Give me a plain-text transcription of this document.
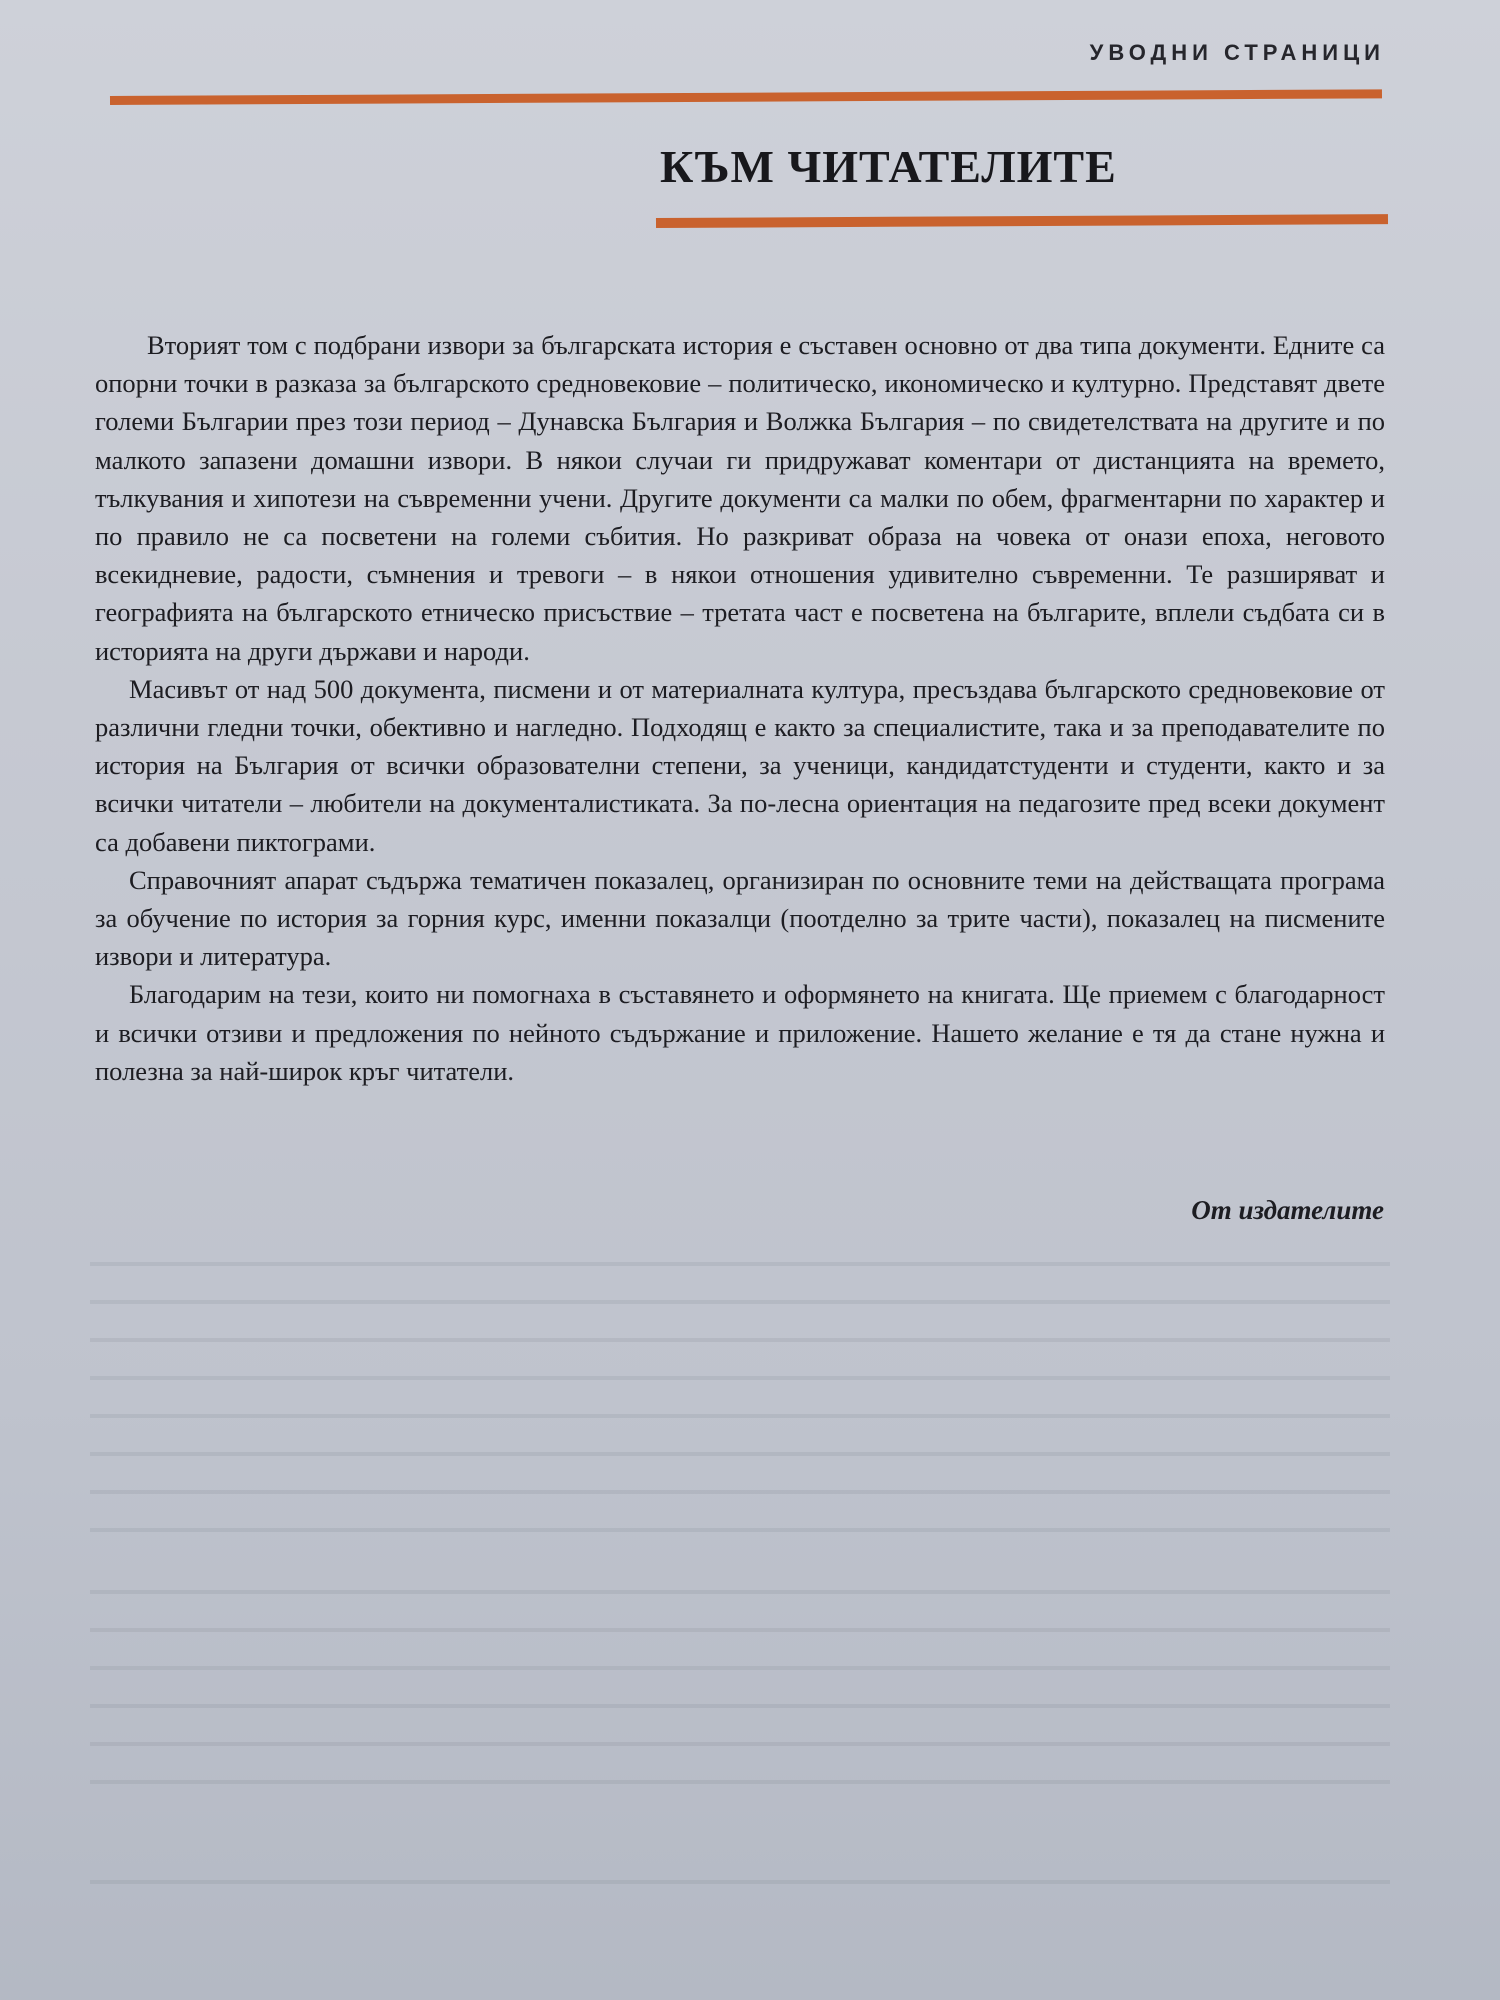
УВОДНИ СТРАНИЦИ
КЪМ ЧИТАТЕЛИТЕ

Вторият том с подбрани извори за българската история е съставен основно от два типа документи. Едните са опорни точки в разказа за българското средновековие – политическо, икономическо и културно. Представят двете големи Българии през този период – Дунавска България и Волжка България – по свидетелствата на другите и по малкото запазени домашни извори. В някои случаи ги придружават коментари от дистанцията на времето, тълкувания и хипотези на съвременни учени. Другите документи са малки по обем, фрагментарни по характер и по правило не са посветени на големи събития. Но разкриват образа на човека от онази епоха, неговото всекидневие, радости, съмнения и тревоги – в някои отношения удивително съвременни. Те разширяват и географията на българското етническо присъствие – третата част е посветена на българите, вплели съдбата си в историята на други държави и народи.

Масивът от над 500 документа, писмени и от материалната култура, пресъздава българското средновековие от различни гледни точки, обективно и нагледно. Подходящ е както за специалистите, така и за преподавателите по история на България от всички образователни степени, за ученици, кандидатстуденти и студенти, както и за всички читатели – любители на документалистиката. За по-лесна ориентация на педагозите пред всеки документ са добавени пиктограми.

Справочният апарат съдържа тематичен показалец, организиран по основните теми на действащата програма за обучение по история за горния курс, именни показалци (поотделно за трите части), показалец на писмените извори и литература.

Благодарим на тези, които ни помогнаха в съставянето и оформянето на книгата. Ще приемем с благодарност и всички отзиви и предложения по нейното съдържание и приложение. Нашето желание е тя да стане нужна и полезна за най-широк кръг читатели.

От издателите
